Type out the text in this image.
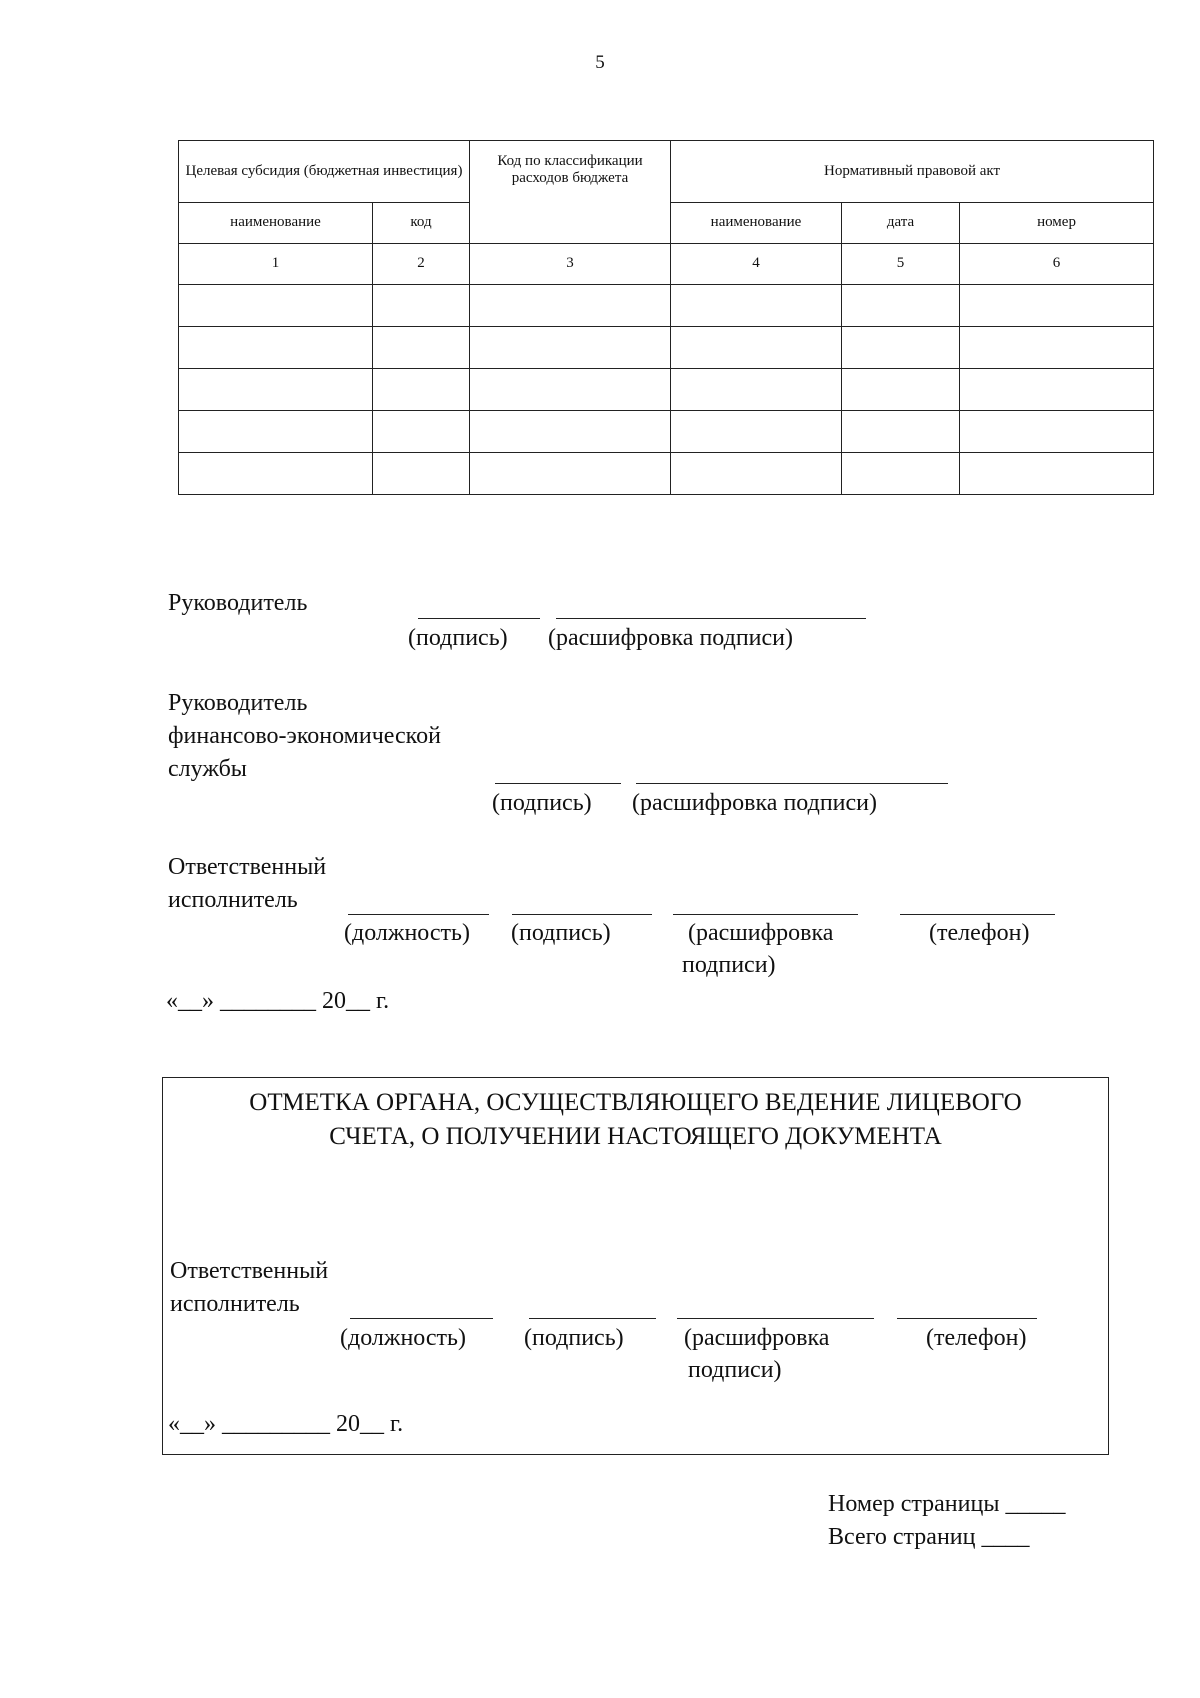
5
Целевая субсидия (бюджетная инвестиция)		Код по классификации расходов бюджета	Нормативный правовой акт		
наименование	код		наименование	дата	номер
1	2	3	4	5	6

Руководитель
(подпись) (расшифровка подписи)
Руководитель
финансово-экономической
службы
(подпись) (расшифровка подписи)
Ответственный
исполнитель
(должность) (подпись)	(расшифровка
подписи)
(телефон)
«__» ________ 20__ г.
ОТМЕТКА ОРГАНА, ОСУЩЕСТВЛЯЮЩЕГО ВЕДЕНИЕ ЛИЦЕВОГО
СЧЕТА, О ПОЛУЧЕНИИ НАСТОЯЩЕГО ДОКУМЕНТА
Ответственный
исполнитель
(должность) (подпись)	(расшифровка
подписи)
(телефон)
«__» _________ 20__ г.
Номер страницы _____
Всего страниц ____
